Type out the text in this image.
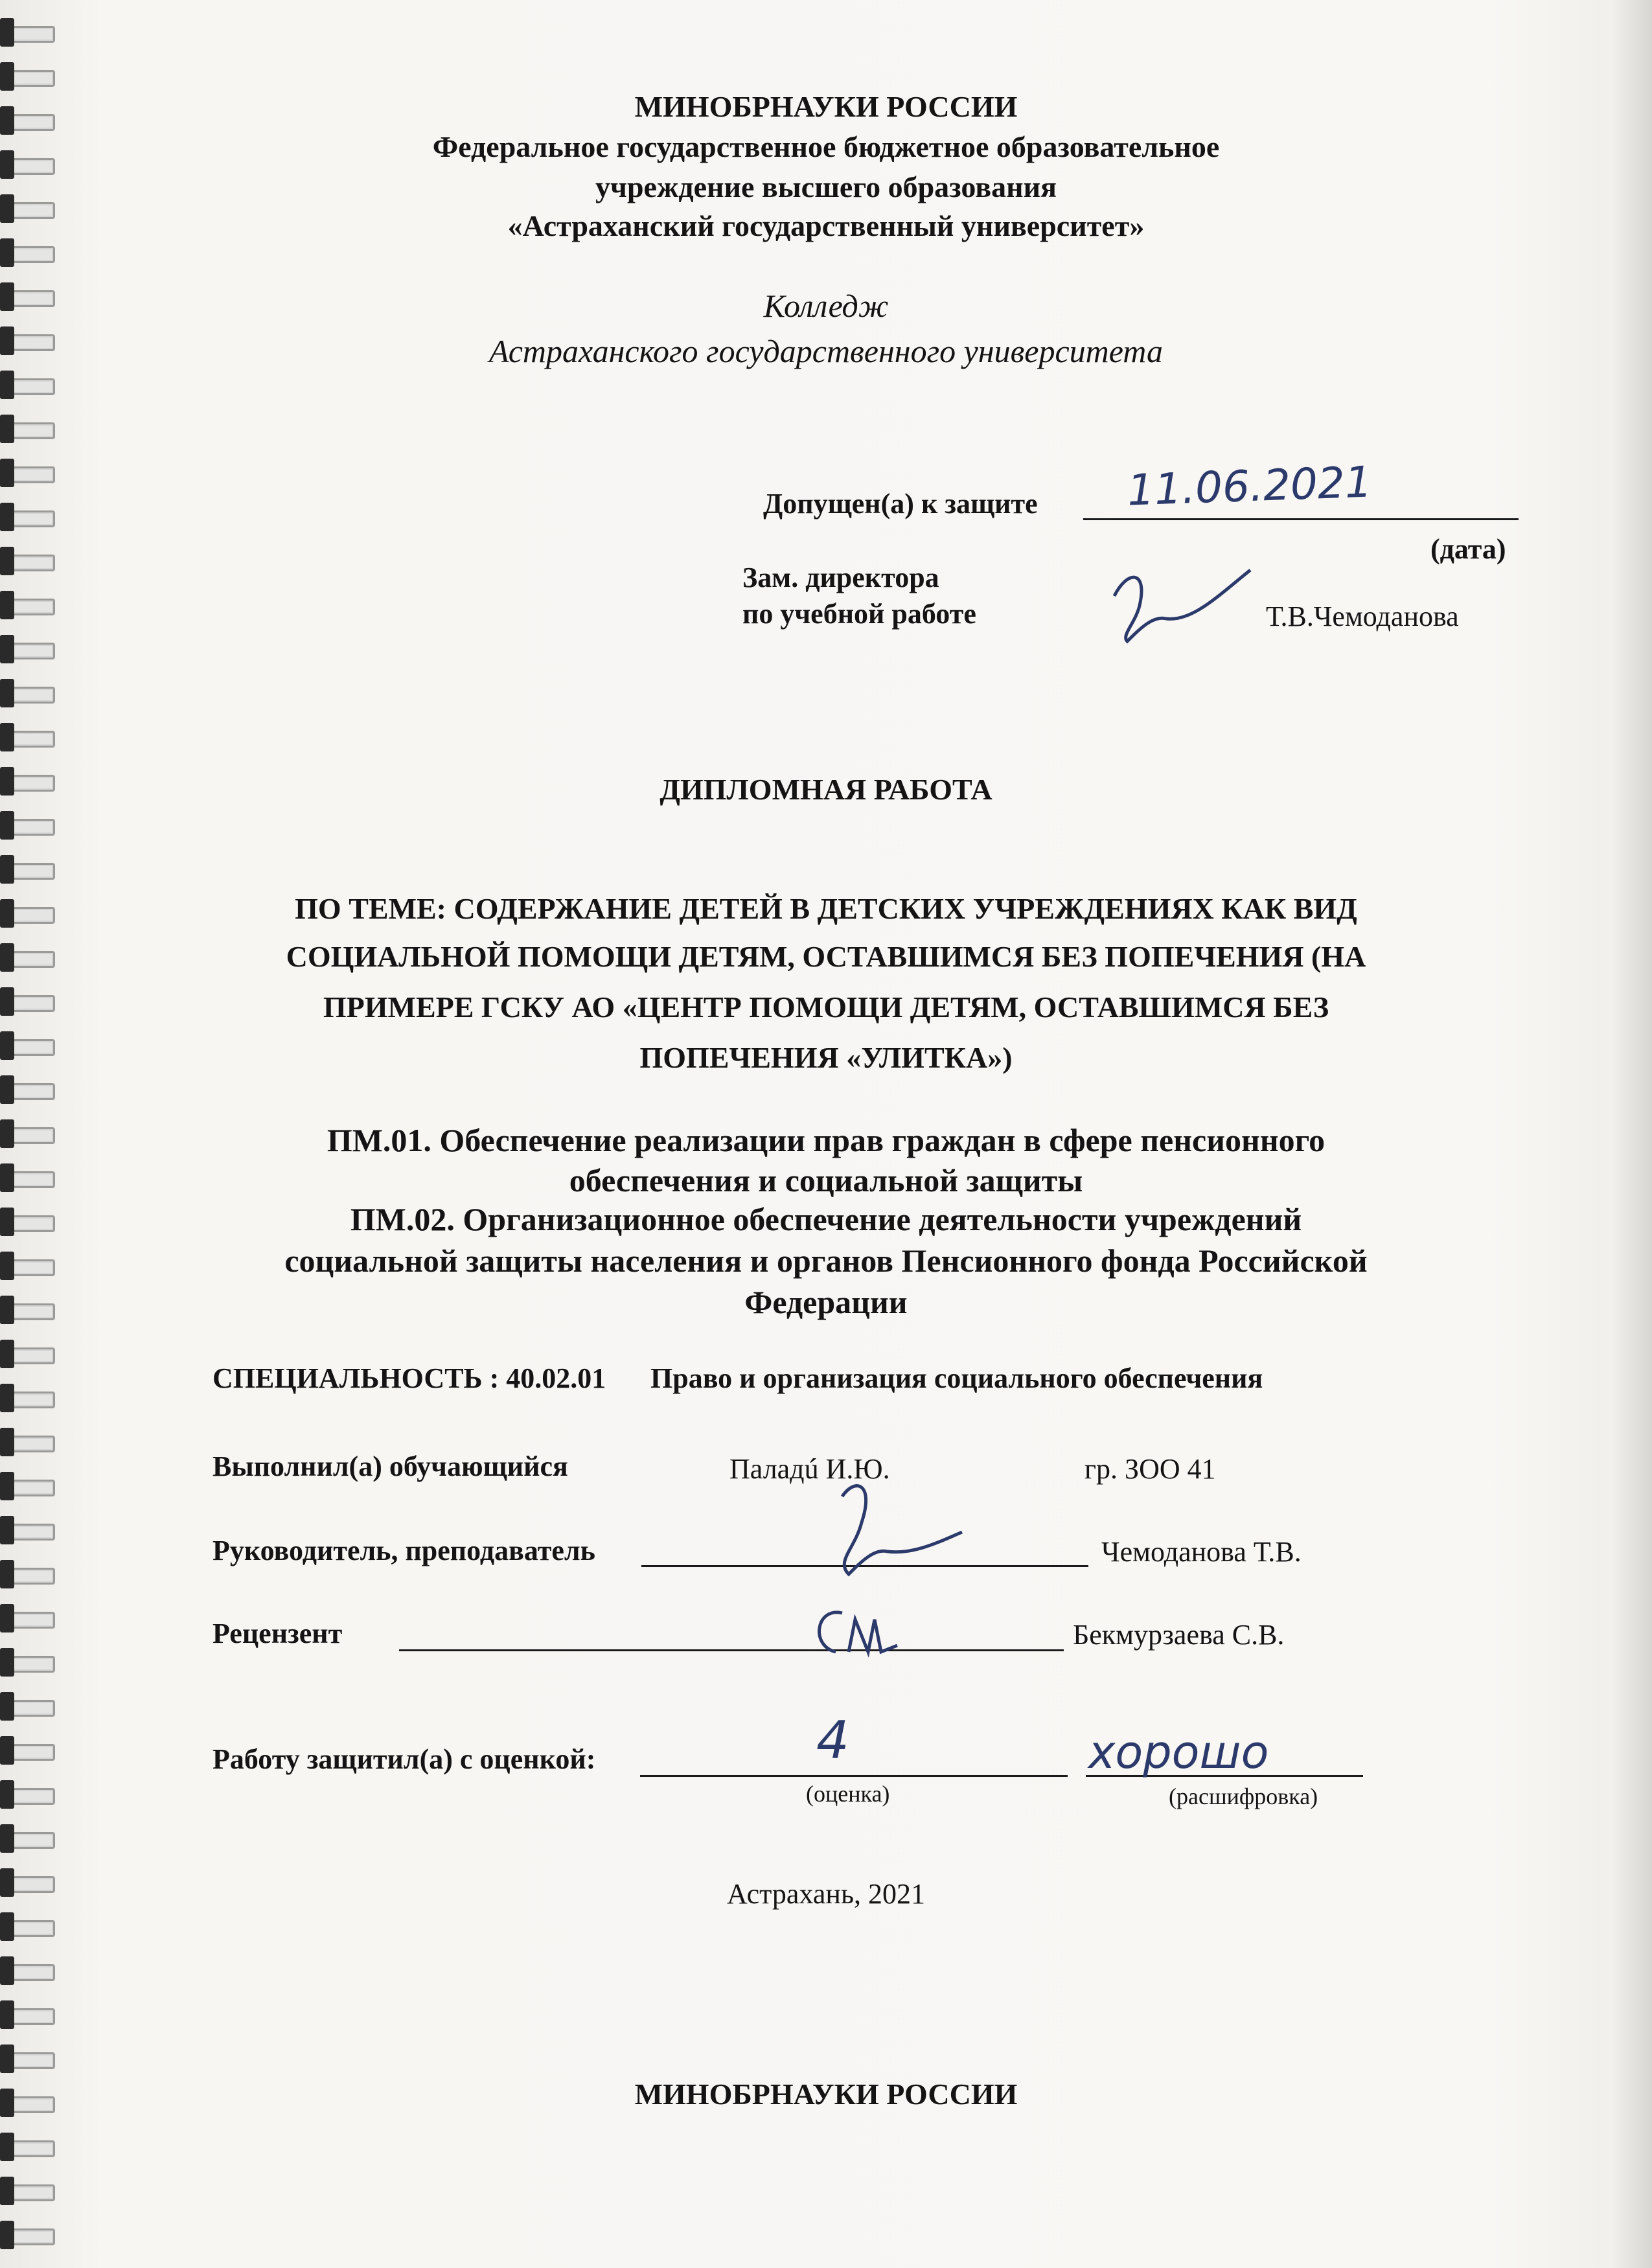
МИНОБРНАУКИ РОССИИ
Федеральное государственное бюджетное образовательное
учреждение высшего образования
«Астраханский государственный университет»
Колледж
Астраханского государственного университета
Допущен(а) к защите 11.06.2021
(дата)
Зам. директора
по учебной работе	Т.В.Чемоданова
ДИПЛОМНАЯ РАБОТА
ПО ТЕМЕ: СОДЕРЖАНИЕ ДЕТЕЙ В ДЕТСКИХ УЧРЕЖДЕНИЯХ КАК ВИД
СОЦИАЛЬНОЙ ПОМОЩИ ДЕТЯМ, ОСТАВШИМСЯ БЕЗ ПОПЕЧЕНИЯ (НА
ПРИМЕРЕ ГСКУ АО «ЦЕНТР ПОМОЩИ ДЕТЯМ, ОСТАВШИМСЯ БЕЗ
ПОПЕЧЕНИЯ «УЛИТКА»)
ПМ.01. Обеспечение реализации прав граждан в сфере пенсионного
обеспечения и социальной защиты
ПМ.02. Организационное обеспечение деятельности учреждений
социальной защиты населения и органов Пенсионного фонда Российской
Федерации
СПЕЦИАЛЬНОСТЬ : 40.02.01 Право и организация социального обеспечения
Выполнил(а) обучающийся	Паладú И.Ю.	гр. ЗОО 41
Руководитель, преподаватель	Чемоданова Т.В.
Рецензент	Бекмурзаева С.В.
Работу защитил(а) с оценкой:	4	хорошо
(оценка)	(расшифровка)
Астрахань, 2021
МИНОБРНАУКИ РОССИИ
